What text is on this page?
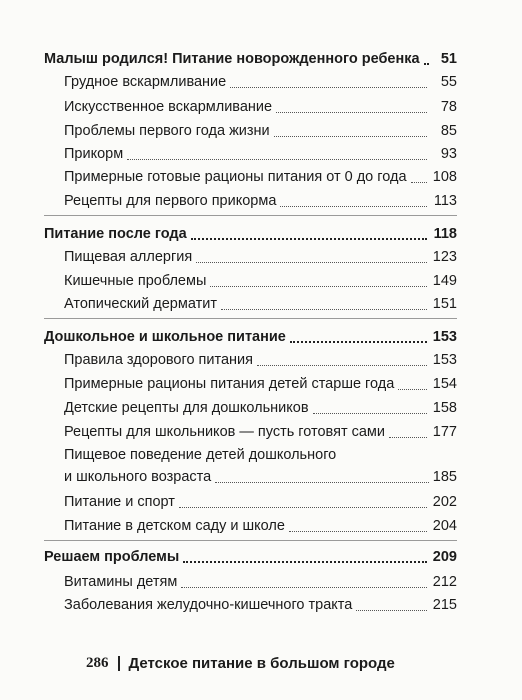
Малыш родился! Питание новорожденного ребенка	51
Грудное вскармливание	55
Искусственное вскармливание	78
Проблемы первого года жизни	85
Прикорм	93
Примерные готовые рационы питания от 0 до года 108
Рецепты для первого прикорма	113
Питание после года	118
Пищевая аллергия	123
Кишечные проблемы	149
Атопический дерматит	151
Дошкольное и школьное питание	153
Правила здорового питания	153
Примерные рационы питания детей старше года	154
Детские рецепты для дошкольников	158
Рецепты для школьников — пусть готовят сами	177
Пищевое поведение детей дошкольного
и школьного возраста	185
Питание и спорт	202
Питание в детском саду и школе	204
Решаем проблемы	209
Витамины детям	212
Заболевания желудочно-кишечного тракта	215
286 Детское питание в большом городе
